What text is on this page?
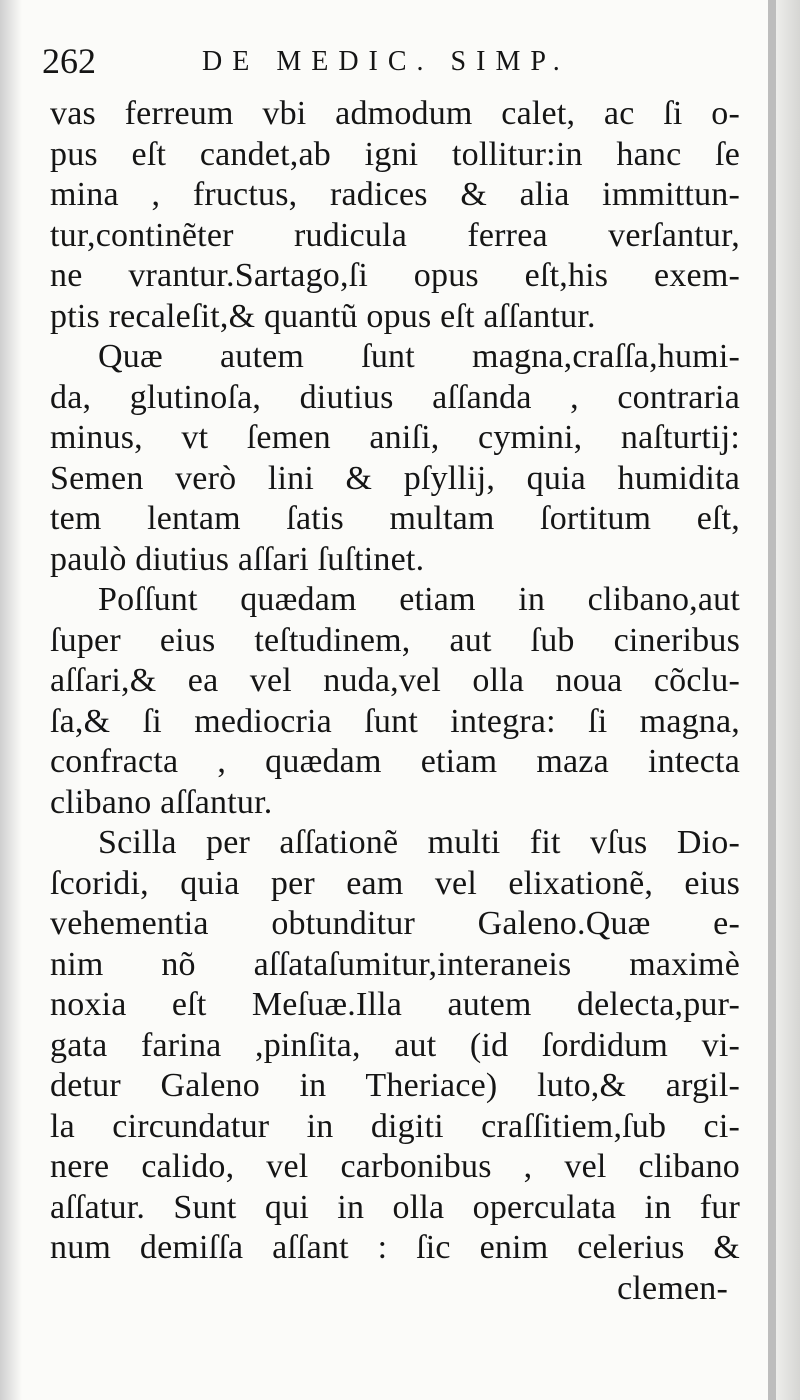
262	DE MEDIC. SIMP.
vas ferreum vbi admodum calet, ac ſi o-
pus eſt candet,ab igni tollitur:in hanc ſe
mina , fructus, radices & alia immittun-
tur,continẽter rudicula ferrea verſantur,
ne vrantur.Sartago,ſi opus eſt,his exem-
ptis recaleſit,& quantũ opus eſt aſſantur.
Quæ autem ſunt magna,craſſa,humi-
da, glutinoſa, diutius aſſanda , contraria
minus, vt ſemen aniſi, cymini, naſturtij:
Semen verò lini & pſyllij, quia humidita
tem lentam ſatis multam ſortitum eſt,
paulò diutius aſſari ſuſtinet.
Poſſunt quædam etiam in clibano,aut
ſuper eius teſtudinem, aut ſub cineribus
aſſari,& ea vel nuda,vel olla noua cõclu-
ſa,& ſi mediocria ſunt integra: ſi magna,
confracta , quædam etiam maza intecta
clibano aſſantur.
Scilla per aſſationẽ multi fit vſus Dio-
ſcoridi, quia per eam vel elixationẽ, eius
vehementia obtunditur Galeno.Quæ e-
nim nõ aſſataſumitur,interaneis maximè
noxia eſt Meſuæ.Illa autem delecta,pur-
gata farina ,pinſita, aut (id ſordidum vi-
detur Galeno in Theriace) luto,& argil-
la circundatur in digiti craſſitiem,ſub ci-
nere calido, vel carbonibus , vel clibano
aſſatur. Sunt qui in olla operculata in fur
num demiſſa aſſant : ſic enim celerius &
clemen-
